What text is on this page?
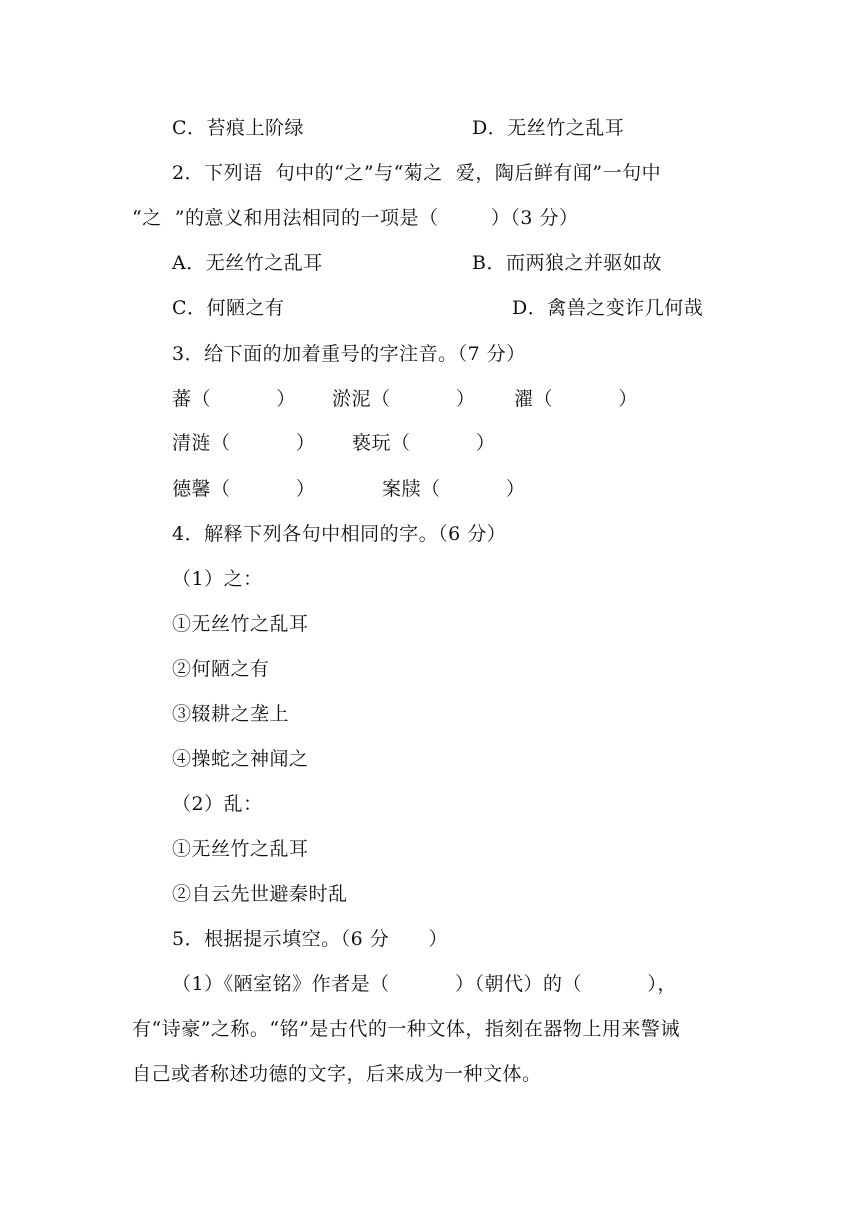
C．苔痕上阶绿	D．无丝竹之乱耳
2．下列语  句中的“之”与“菊之  爱，陶后鲜有闻”一句中
“之  ”的意义和用法相同的一项是（        ）（3 分）
A．无丝竹之乱耳	B．而两狼之并驱如故
C．何陋之有	D．禽兽之变诈几何哉
3．给下面的加着重号的字注音。（7 分）
蕃（          ） 淤泥（          ） 濯（          ）
清涟（          ） 亵玩（          ）
德馨（          ）	案牍（          ）
4．解释下列各句中相同的字。（6 分）
（1）之：
①无丝竹之乱耳
②何陋之有
③辍耕之垄上
④操蛇之神闻之
（2）乱：
①无丝竹之乱耳
②自云先世避秦时乱
5．根据提示填空。（6 分      ）
（1）《陋室铭》作者是（          ）（朝代）的（          ），
有“诗豪”之称。“铭”是古代的一种文体，指刻在器物上用来警诫
自己或者称述功德的文字，后来成为一种文体。
